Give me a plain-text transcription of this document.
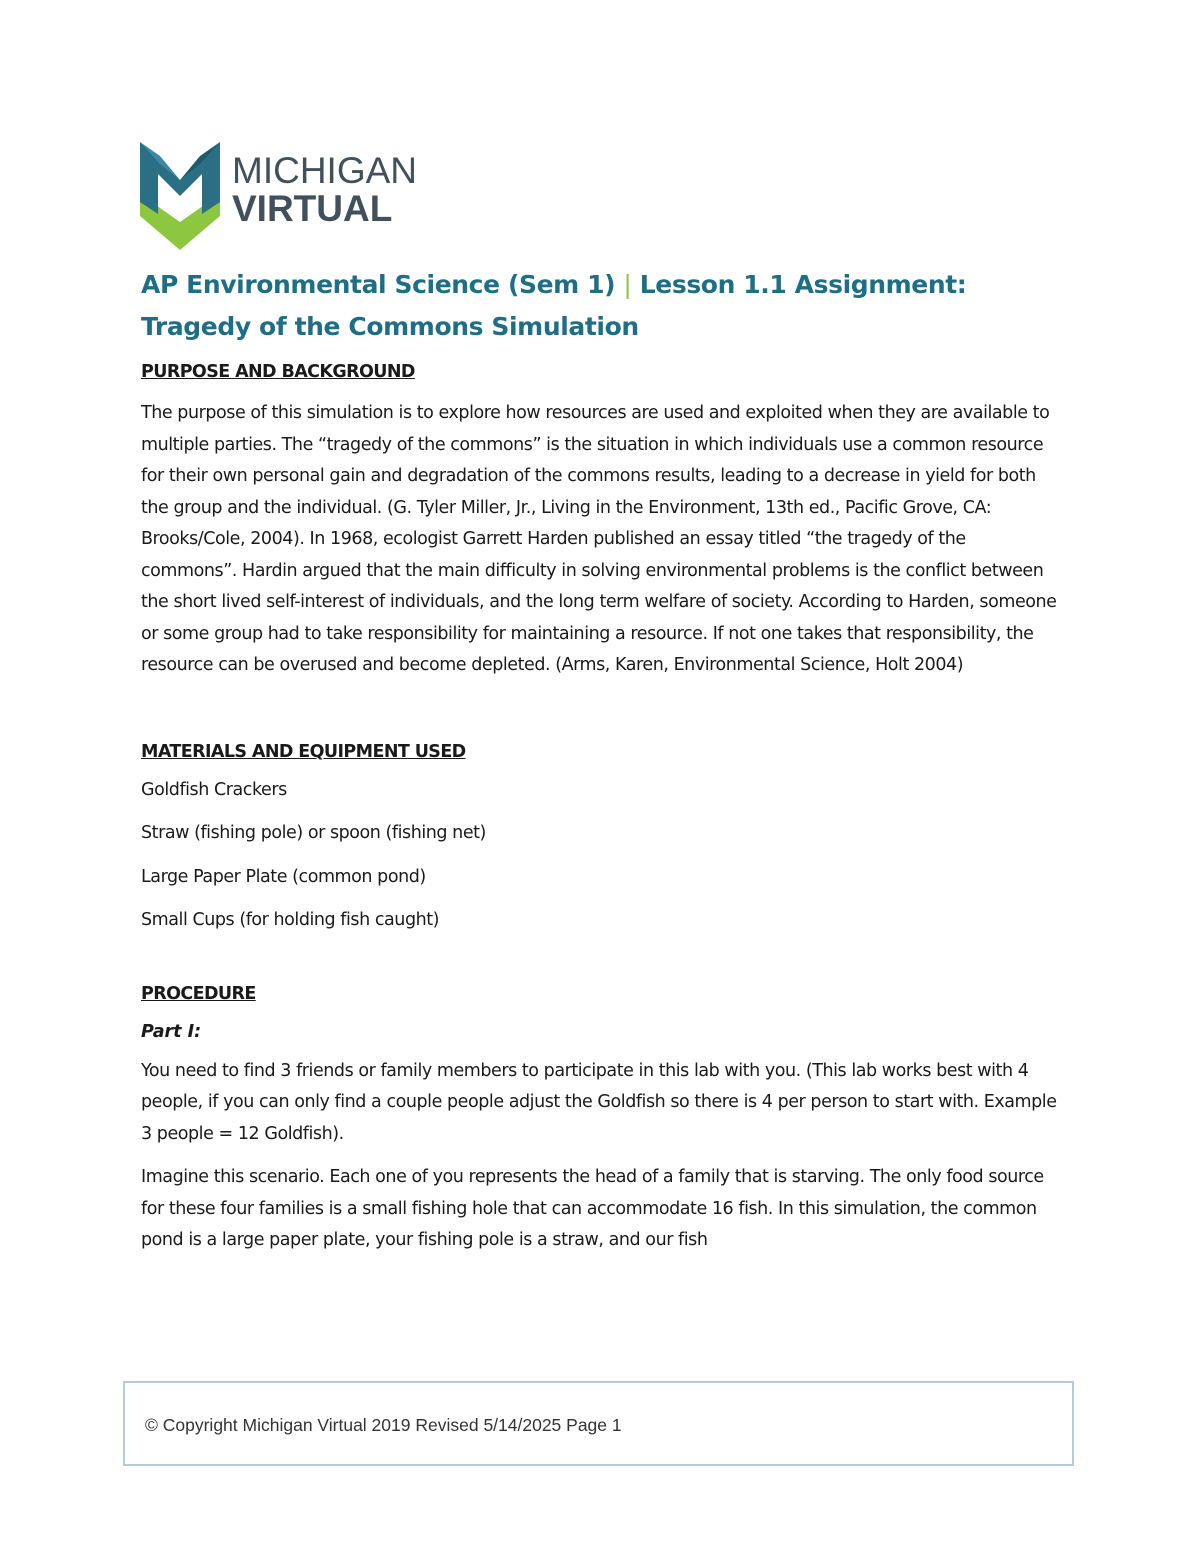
MICHIGAN
VIRTUAL
AP Environmental Science (Sem 1) | Lesson 1.1 Assignment: Tragedy of the Commons Simulation
PURPOSE AND BACKGROUND

The purpose of this simulation is to explore how resources are used and exploited when they are available to multiple parties. The “tragedy of the commons” is the situation in which individuals use a common resource for their own personal gain and degradation of the commons results, leading to a decrease in yield for both the group and the individual. (G. Tyler Miller, Jr., Living in the Environment, 13th ed., Pacific Grove, CA: Brooks/Cole, 2004). In 1968, ecologist Garrett Harden published an essay titled “the tragedy of the commons”. Hardin argued that the main difficulty in solving environmental problems is the conflict between the short lived self-interest of individuals, and the long term welfare of society. According to Harden, someone or some group had to take responsibility for maintaining a resource. If not one takes that responsibility, the resource can be overused and become depleted. (Arms, Karen, Environmental Science, Holt 2004)

MATERIALS AND EQUIPMENT USED
Goldfish Crackers
Straw (fishing pole) or spoon (fishing net)
Large Paper Plate (common pond)
Small Cups (for holding fish caught)
PROCEDURE
Part I:

You need to find 3 friends or family members to participate in this lab with you. (This lab works best with 4 people, if you can only find a couple people adjust the Goldfish so there is 4 per person to start with. Example 3 people = 12 Goldfish).

Imagine this scenario. Each one of you represents the head of a family that is starving. The only food source for these four families is a small fishing hole that can accommodate 16 fish. In this simulation, the common pond is a large paper plate, your fishing pole is a straw, and our fish

© Copyright Michigan Virtual 2019 Revised 5/14/2025 Page 1
